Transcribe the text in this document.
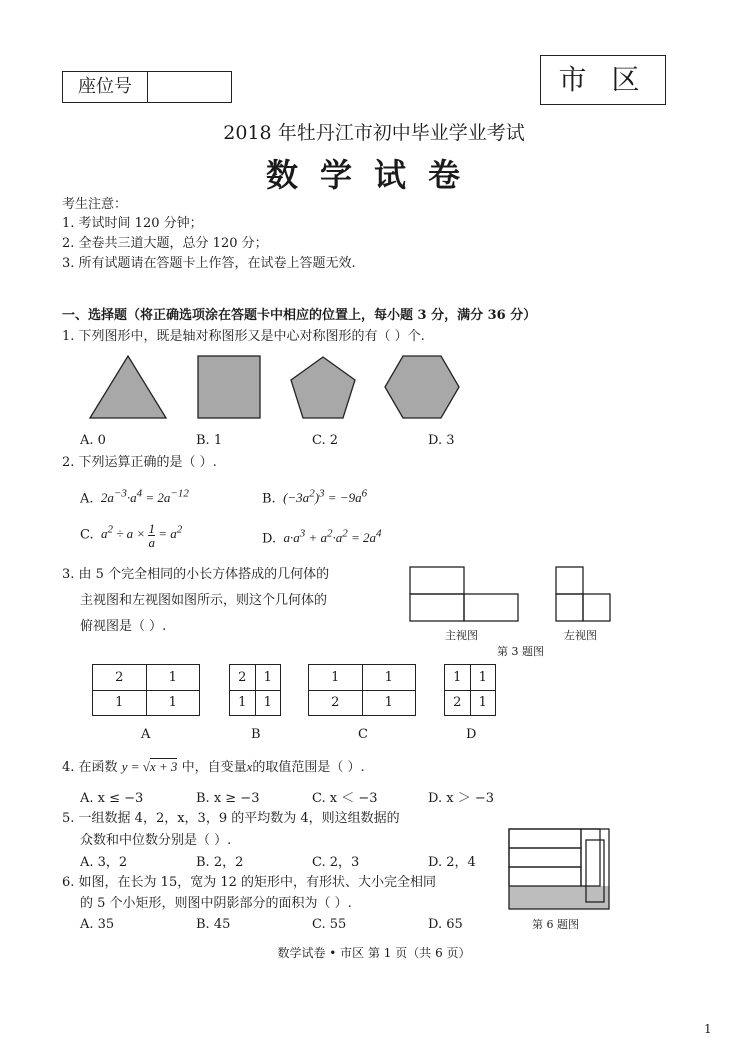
座位号	市 区
2018 年牡丹江市初中毕业学业考试
数学试卷
考生注意：
1. 考试时间 120 分钟；
2. 全卷共三道大题，总分 120 分；
3. 所有试题请在答题卡上作答，在试卷上答题无效.
一、选择题（将正确选项涂在答题卡中相应的位置上，每小题 3 分，满分 36 分）
1. 下列图形中，既是轴对称图形又是中心对称图形的有（ ）个.
A. 0	B. 1	C. 2	D. 3
2. 下列运算正确的是（ ）.
A.  $2a^{-3}\cdot a^4 = 2a^{-12}$	B.  $(-3a^2)^3 = -9a^6$
C.  $a^2 \div a \times \frac{1}{a} = a^2$
D.  $a\cdot a^3 + a^2\cdot a^2 = 2a^4$
3. 由 5 个完全相同的小长方体搭成的几何体的
主视图和左视图如图所示，则这个几何体的
俯视图是（ ）.
主视图	左视图
第 3 题图
2	1
1	1
2	1
1	1
1	1
2	1
1	1
2	1
A	B	C	D
4. 在函数 y = √x + 3 中，自变量x的取值范围是（ ）.
A. x ≤ −3	B. x ≥ −3	C. x ＜ −3	D. x ＞ −3
5. 一组数据 4，2，x，3，9 的平均数为 4，则这组数据的
众数和中位数分别是（ ）.
A. 3，2	B. 2，2	C. 2，3	D. 2，4
6. 如图，在长为 15，宽为 12 的矩形中，有形状、大小完全相同
的 5 个小矩形，则图中阴影部分的面积为（ ）.
A. 35	B. 45	C. 55	D. 65	第 6 题图
数学试卷 • 市区 第 1 页（共 6 页）
1
